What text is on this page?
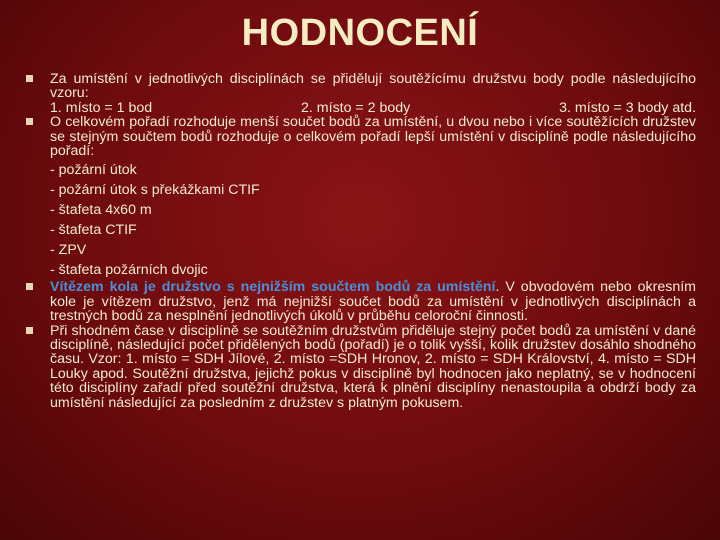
HODNOCENÍ

Za umístění v jednotlivých disciplínách se přidělují soutěžícímu družstvu body podle následujícího vzoru:

1. místo = 1 bod	2. místo = 2 body	3. místo = 3 body atd.

O celkovém pořadí rozhoduje menší součet bodů za umístění, u dvou nebo i více soutěžících družstev se stejným součtem bodů rozhoduje o celkovém pořadí lepší umístění v disciplíně podle následujícího pořadí:

- požární útok
- požární útok s překážkami CTIF
- štafeta 4x60 m
- štafeta CTIF
- ZPV
- štafeta požárních dvojic

Vítězem kola je družstvo s nejnižším součtem bodů za umístění. V obvodovém nebo okresním kole je vítězem družstvo, jenž má nejnižší součet bodů za umístění v jednotlivých disciplínách a trestných bodů za nesplnění jednotlivých úkolů v průběhu celoroční činnosti.

Při shodném čase v disciplíně se soutěžním družstvům přiděluje stejný počet bodů za umístění v dané disciplíně, následující počet přidělených bodů (pořadí) je o tolik vyšší, kolik družstev dosáhlo shodného času. Vzor: 1. místo = SDH Jílové, 2. místo =SDH Hronov, 2. místo = SDH Království, 4. místo = SDH Louky apod. Soutěžní družstva, jejichž pokus v disciplíně byl hodnocen jako neplatný, se v hodnocení této disciplíny zařadí před soutěžní družstva, která k plnění disciplíny nenastoupila a obdrží body za umístění následující za posledním z družstev s platným pokusem.
